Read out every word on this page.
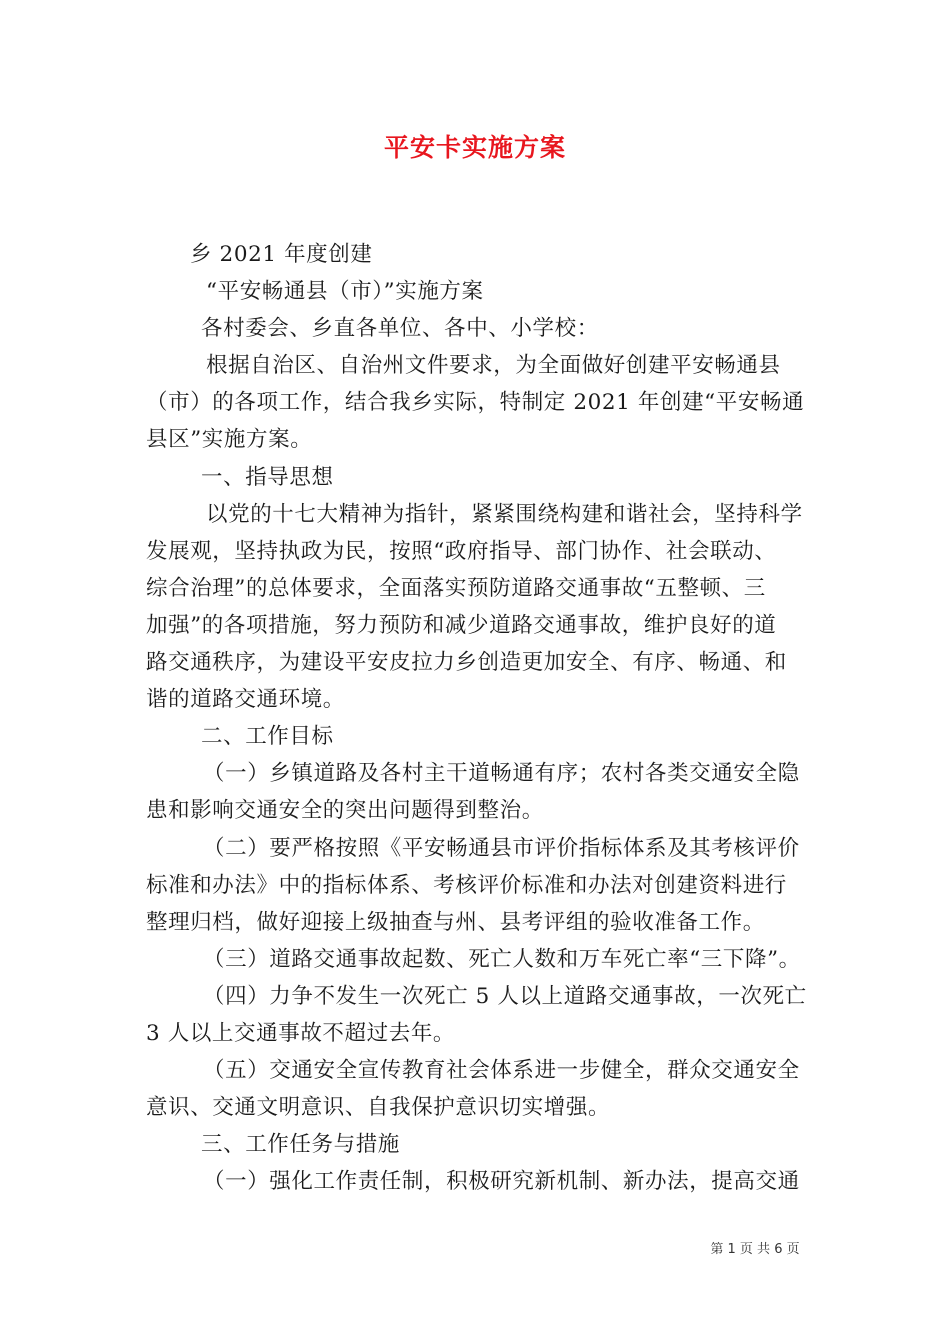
平安卡实施方案
乡 2021 年度创建
“平安畅通县（市）”实施方案
各村委会、乡直各单位、各中、小学校：
根据自治区、自治州文件要求，为全面做好创建平安畅通县
（市）的各项工作，结合我乡实际，特制定 2021 年创建“平安畅通
县区”实施方案。
一、指导思想
以党的十七大精神为指针，紧紧围绕构建和谐社会，坚持科学
发展观，坚持执政为民，按照“政府指导、部门协作、社会联动、
综合治理”的总体要求，全面落实预防道路交通事故“五整顿、三
加强”的各项措施，努力预防和减少道路交通事故，维护良好的道
路交通秩序，为建设平安皮拉力乡创造更加安全、有序、畅通、和
谐的道路交通环境。
二、工作目标
（一）乡镇道路及各村主干道畅通有序；农村各类交通安全隐
患和影响交通安全的突出问题得到整治。
（二）要严格按照《平安畅通县市评价指标体系及其考核评价
标准和办法》中的指标体系、考核评价标准和办法对创建资料进行
整理归档，做好迎接上级抽查与州、县考评组的验收准备工作。
（三）道路交通事故起数、死亡人数和万车死亡率“三下降”。
（四）力争不发生一次死亡 5 人以上道路交通事故，一次死亡
3 人以上交通事故不超过去年。
（五）交通安全宣传教育社会体系进一步健全，群众交通安全
意识、交通文明意识、自我保护意识切实增强。
三、工作任务与措施
（一）强化工作责任制，积极研究新机制、新办法，提高交通
第 1 页 共 6 页
